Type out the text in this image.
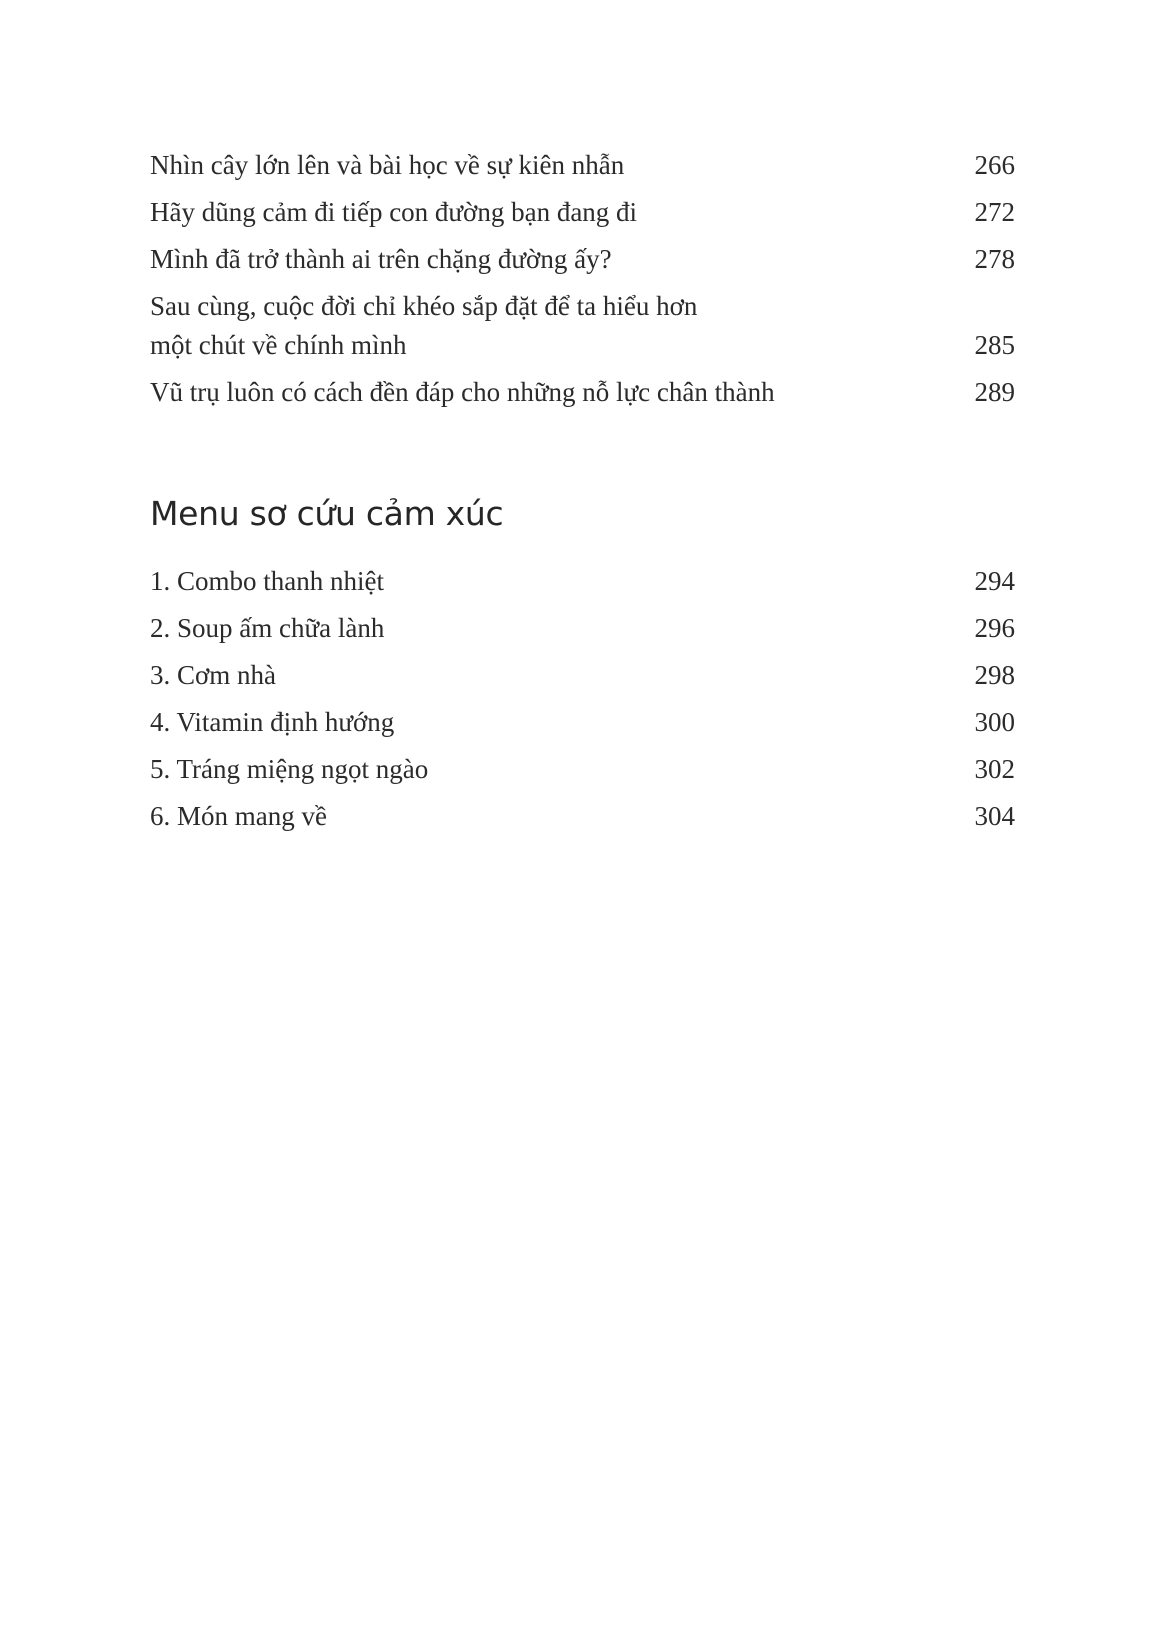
Nhìn cây lớn lên và bài học về sự kiên nhẫn	266
Hãy dũng cảm đi tiếp con đường bạn đang đi	272
Mình đã trở thành ai trên chặng đường ấy?	278
Sau cùng, cuộc đời chỉ khéo sắp đặt để ta hiểu hơn
một chút về chính mình	285
Vũ trụ luôn có cách đền đáp cho những nỗ lực chân thành	289
Menu sơ cứu cảm xúc
1. Combo thanh nhiệt	294
2. Soup ấm chữa lành	296
3. Cơm nhà	298
4. Vitamin định hướng	300
5. Tráng miệng ngọt ngào	302
6. Món mang về	304
